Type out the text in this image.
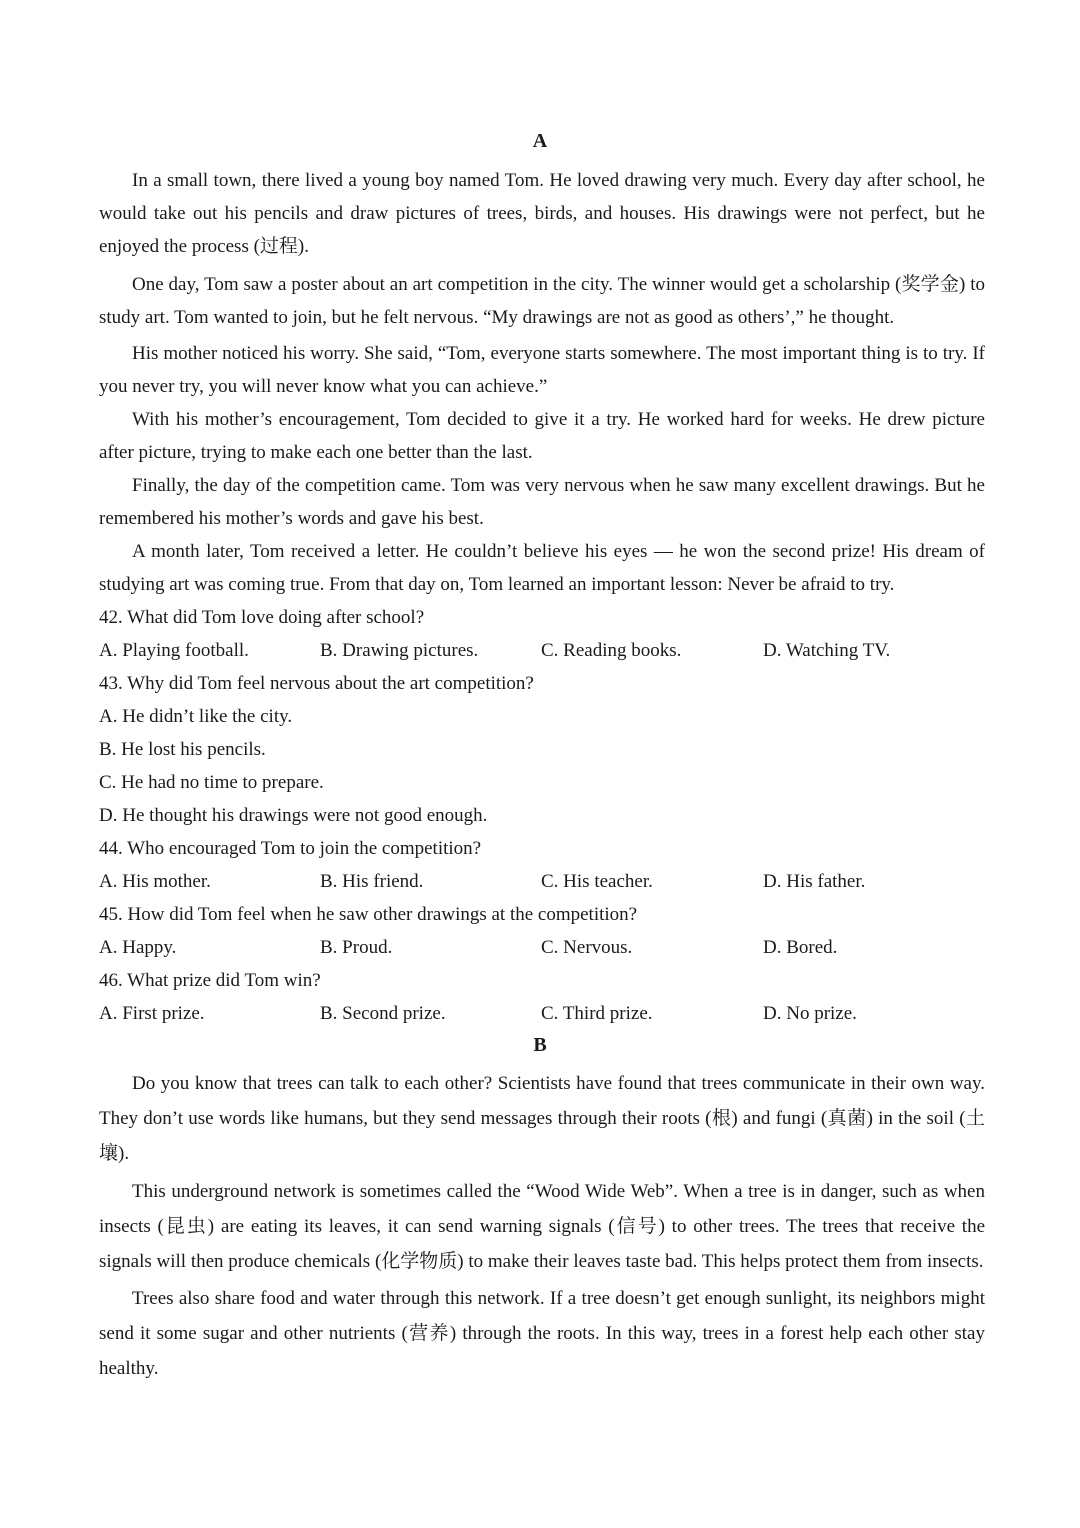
A
In a small town, there lived a young boy named Tom. He loved drawing very much. Every day after school, he would take out his pencils and draw pictures of trees, birds, and houses. His drawings were not perfect, but he enjoyed the process (过程).
One day, Tom saw a poster about an art competition in the city. The winner would get a scholarship (奖学金) to study art. Tom wanted to join, but he felt nervous. “My drawings are not as good as others’,” he thought.
His mother noticed his worry. She said, “Tom, everyone starts somewhere. The most important thing is to try. If you never try, you will never know what you can achieve.”
With his mother’s encouragement, Tom decided to give it a try. He worked hard for weeks. He drew picture after picture, trying to make each one better than the last.
Finally, the day of the competition came. Tom was very nervous when he saw many excellent drawings. But he remembered his mother’s words and gave his best.
A month later, Tom received a letter. He couldn’t believe his eyes — he won the second prize! His dream of studying art was coming true. From that day on, Tom learned an important lesson: Never be afraid to try.
42. What did Tom love doing after school?
A. Playing football.	B. Drawing pictures.	C. Reading books.	D. Watching TV.
43. Why did Tom feel nervous about the art competition?
A. He didn’t like the city.
B. He lost his pencils.
C. He had no time to prepare.
D. He thought his drawings were not good enough.
44. Who encouraged Tom to join the competition?
A. His mother.	B. His friend.	C. His teacher.	D. His father.
45. How did Tom feel when he saw other drawings at the competition?
A. Happy.	B. Proud.	C. Nervous.	D. Bored.
46. What prize did Tom win?
A. First prize.	B. Second prize.	C. Third prize.	D. No prize.
B
Do you know that trees can talk to each other? Scientists have found that trees communicate in their own way. They don’t use words like humans, but they send messages through their roots (根) and fungi (真菌) in the soil (土壤).
This underground network is sometimes called the “Wood Wide Web”. When a tree is in danger, such as when insects (昆虫) are eating its leaves, it can send warning signals (信号) to other trees. The trees that receive the signals will then produce chemicals (化学物质) to make their leaves taste bad. This helps protect them from insects.
Trees also share food and water through this network. If a tree doesn’t get enough sunlight, its neighbors might send it some sugar and other nutrients (营养) through the roots. In this way, trees in a forest help each other stay healthy.
